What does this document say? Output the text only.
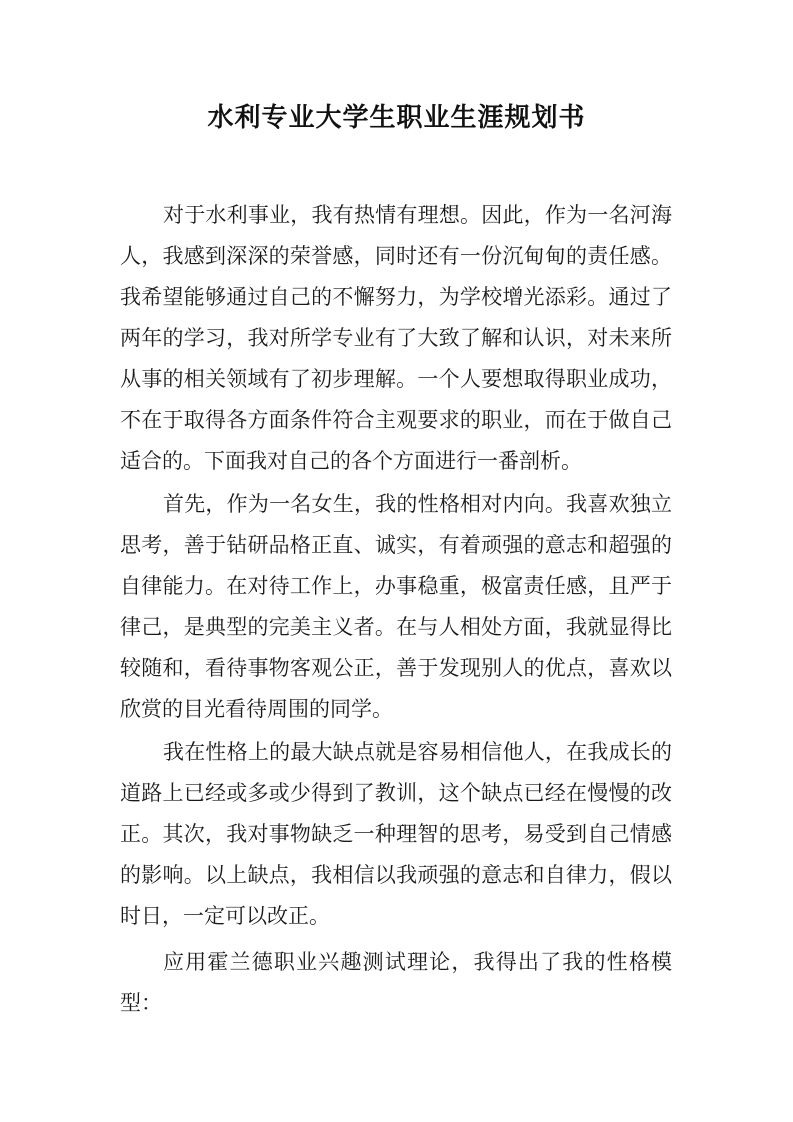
水利专业大学生职业生涯规划书
对于水利事业，我有热情有理想。因此，作为一名河海
人，我感到深深的荣誉感，同时还有一份沉甸甸的责任感。
我希望能够通过自己的不懈努力，为学校增光添彩。通过了
两年的学习，我对所学专业有了大致了解和认识，对未来所
从事的相关领域有了初步理解。一个人要想取得职业成功，
不在于取得各方面条件符合主观要求的职业，而在于做自己
适合的。下面我对自己的各个方面进行一番剖析。
首先，作为一名女生，我的性格相对内向。我喜欢独立
思考，善于钻研品格正直、诚实，有着顽强的意志和超强的
自律能力。在对待工作上，办事稳重，极富责任感，且严于
律己，是典型的完美主义者。在与人相处方面，我就显得比
较随和，看待事物客观公正，善于发现别人的优点，喜欢以
欣赏的目光看待周围的同学。
我在性格上的最大缺点就是容易相信他人，在我成长的
道路上已经或多或少得到了教训，这个缺点已经在慢慢的改
正。其次，我对事物缺乏一种理智的思考，易受到自己情感
的影响。以上缺点，我相信以我顽强的意志和自律力，假以
时日，一定可以改正。
应用霍兰德职业兴趣测试理论，我得出了我的性格模
型：
